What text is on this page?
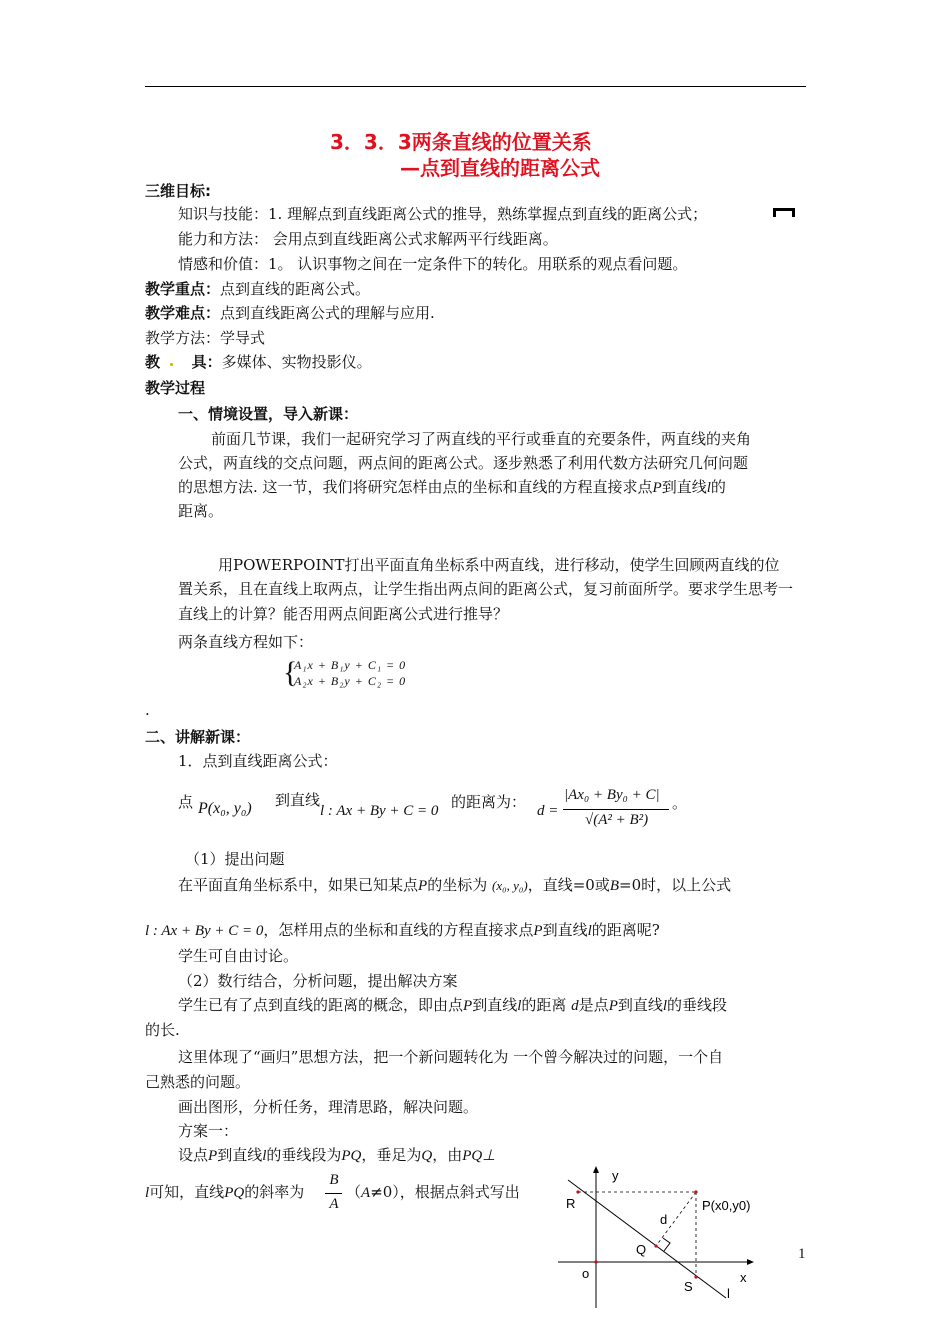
3．3．3两条直线的位置关系
—点到直线的距离公式
三维目标:
知识与技能：1. 理解点到直线距离公式的推导，熟练掌握点到直线的距离公式；
能力和方法： 会用点到直线距离公式求解两平行线距离。
情感和价值：1。 认识事物之间在一定条件下的转化。用联系的观点看问题。
教学重点：点到直线的距离公式。
教学难点：点到直线距离公式的理解与应用.
教学方法：学导式
教 具：多媒体、实物投影仪。
教学过程
一、情境设置，导入新课：
前面几节课，我们一起研究学习了两直线的平行或垂直的充要条件，两直线的夹角
公式，两直线的交点问题，两点间的距离公式。逐步熟悉了利用代数方法研究几何问题
的思想方法. 这一节，我们将研究怎样由点的坐标和直线的方程直接求点P到直线l的
距离。
用POWERPOINT打出平面直角坐标系中两直线，进行移动，使学生回顾两直线的位
置关系，且在直线上取两点，让学生指出两点间的距离公式，复习前面所学。要求学生思考一
直线上的计算？能否用两点间距离公式进行推导？
两条直线方程如下：
{
A₁x + B₁y + C₁ = 0
A₂x + B₂y + C₂ = 0
.
二、讲解新课：
1．点到直线距离公式：
点 P(x₀, y₀) 到直线
l : Ax + By + C = 0 的距离为： d =
|Ax₀ + By₀ + C|
√(A² + B²)
。
（1）提出问题
在平面直角坐标系中，如果已知某点P的坐标为 (x₀, y₀)，直线=0或B=0时，以上公式
l : Ax + By + C = 0，怎样用点的坐标和直线的方程直接求点P到直线l的距离呢?
学生可自由讨论。
（2）数行结合，分析问题，提出解决方案
学生已有了点到直线的距离的概念，即由点P到直线l的距离 d是点P到直线l的垂线段
的长.
这里体现了“画归”思想方法，把一个新问题转化为 一个曾今解决过的问题，一个自
己熟悉的问题。
画出图形，分析任务，理清思路，解决问题。
方案一：
设点P到直线l的垂线段为PQ，垂足为Q，由PQ⊥
l可知，直线PQ的斜率为
B
A
（A≠0），根据点斜式写出
y
x
o
R	P(x0,y0)
d
Q
S	l
1
